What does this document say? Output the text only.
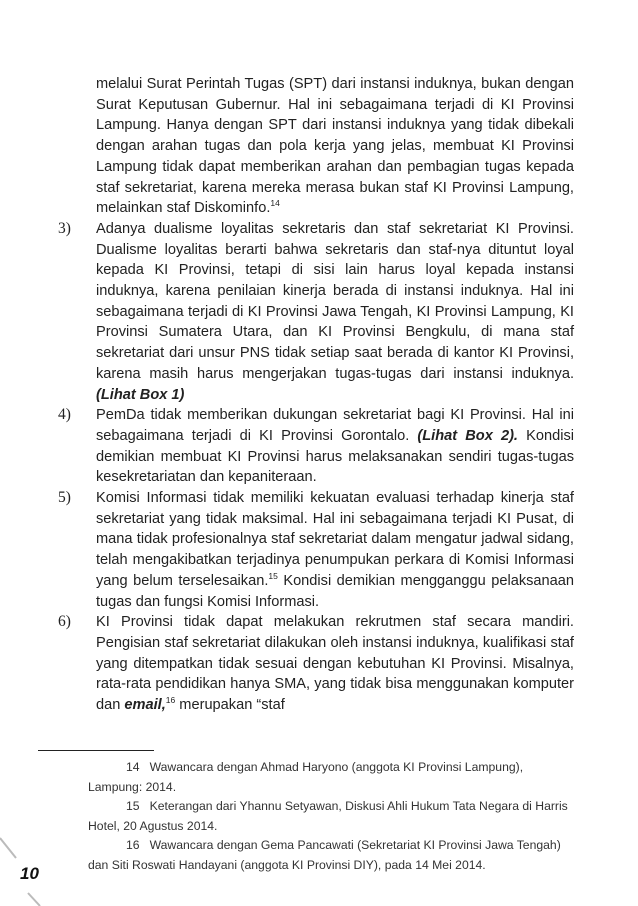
melalui Surat Perintah Tugas (SPT) dari instansi induknya, bukan dengan Surat Keputusan Gubernur. Hal ini sebagaimana terjadi di KI Provinsi Lampung. Hanya dengan SPT dari instansi induknya yang tidak dibekali dengan arahan tugas dan pola kerja yang jelas, membuat KI Provinsi Lampung tidak dapat memberikan arahan dan pembagian tugas kepada staf sekretariat, karena mereka merasa bukan staf KI Provinsi Lampung, melainkan staf Diskominfo.$^{14}$
3)	Adanya dualisme loyalitas sekretaris dan staf sekretariat KI Provinsi. Dualisme loyalitas berarti bahwa sekretaris dan staf-nya dituntut loyal kepada KI Provinsi, tetapi di sisi lain harus loyal kepada instansi induknya, karena penilaian kinerja berada di instansi induknya. Hal ini sebagaimana terjadi di KI Provinsi Jawa Tengah, KI Provinsi Lampung, KI Provinsi Sumatera Utara, dan KI Provinsi Bengkulu, di mana staf sekretariat dari unsur PNS tidak setiap saat berada di kantor KI Provinsi, karena masih harus mengerjakan tugas-tugas dari instansi induknya. (Lihat Box 1)
4)	PemDa tidak memberikan dukungan sekretariat bagi KI Provinsi. Hal ini sebagaimana terjadi di KI Provinsi Gorontalo. (Lihat Box 2). Kondisi demikian membuat KI Provinsi harus melaksanakan sendiri tugas-tugas kesekretariatan dan kepaniteraan.
5)	Komisi Informasi tidak memiliki kekuatan evaluasi terhadap kinerja staf sekretariat yang tidak maksimal. Hal ini sebagaimana terjadi KI Pusat, di mana tidak profesionalnya staf sekretariat dalam mengatur jadwal sidang, telah mengakibatkan terjadinya penumpukan perkara di Komisi Informasi yang belum terselesaikan.$^{15}$ Kondisi demikian mengganggu pelaksanaan tugas dan fungsi Komisi Informasi.
6)	KI Provinsi tidak dapat melakukan rekrutmen staf secara mandiri. Pengisian staf sekretariat dilakukan oleh instansi induknya, kualifikasi staf yang ditempatkan tidak sesuai dengan kebutuhan KI Provinsi. Misalnya, rata-rata pendidikan hanya SMA, yang tidak bisa menggunakan komputer dan email,$^{16}$ merupakan “staf
14 Wawancara dengan Ahmad Haryono (anggota KI Provinsi Lampung), Lampung: 2014.
15 Keterangan dari Yhannu Setyawan, Diskusi Ahli Hukum Tata Negara di Harris Hotel, 20 Agustus 2014.
16 Wawancara dengan Gema Pancawati (Sekretariat KI Provinsi Jawa Tengah) dan Siti Roswati Handayani (anggota KI Provinsi DIY), pada 14 Mei 2014.
10
